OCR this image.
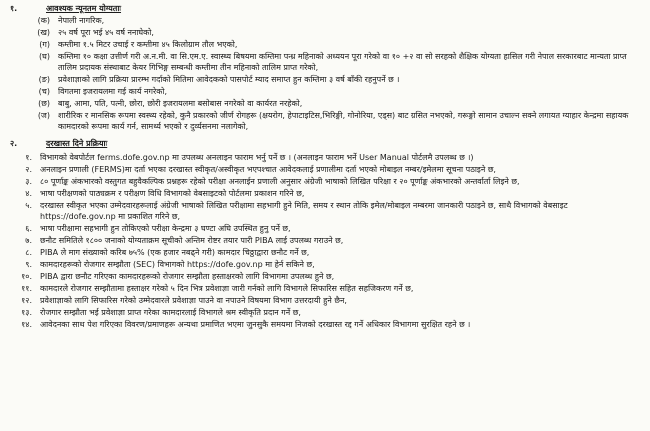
१.	आवश्यक न्यूनतम योग्यताः
(क)	नेपाली नागरिक,
(ख)	२५ वर्ष पूरा भई ४५ वर्ष ननाघेको,
(ग)	कम्तीमा १.५ मिटर उचाई र कम्तीमा ४५ किलोग्राम तौल भएको,
(घ)	कम्तिमा १० कक्षा उत्तीर्ण गरी अ.न.मी. वा सि.एम.ए. स्वास्थ्य बिषयमा कम्तिमा पन्ध्र महिनाको अध्ययन पूरा गरेको वा १० +२ वा सो सरहको शैक्षिक योग्यता हासिल गरी नेपाल सरकारबाट मान्यता प्राप्त तालिम प्रदायक संस्थाबाट केयर गिभिङ्ग सम्बन्धी कम्तीमा तीन महिनाको तालिम प्राप्त गरेको,
(ङ)	प्रवेशाज्ञाको लागि प्रक्रिया प्रारम्भ गर्दाको मितिमा आवेदकको पासपोर्ट म्याद समाप्त हुन कम्तिमा ३ वर्ष बाँकी रहनुपर्ने छ ।
(च)	विगतमा इजरायलमा गई कार्य नगरेको,
(छ)	बाबु, आमा, पति, पत्नी, छोरा, छोरी इजरायलमा बसोबास नगरेको वा कार्यरत नरहेको,
(ज)	शारीरिक र मानसिक रूपमा स्वस्थ्य रहेको, कुनै प्रकारको जीर्ण रोगहरू (क्षयरोग, हेपाटाइटिस,भिरिङ्गी, गोनोरिया, एड्स) बाट ग्रसित नभएको, गरूङ्गो सामान उचाल्न सक्ने लगायत ग्याहार केन्द्रमा सहायक कामदारको रूपमा कार्य गर्न, सामर्थ्य भएको र दुर्व्यसनमा नलागेको,
२.	दरखास्त दिने प्रक्रियाः
१.	विभागको वेबपोर्टल ferms.dofe.gov.np मा उपलब्ध अनलाइन फाराम भर्नु पर्ने छ । (अनलाइन फाराम भर्ने User Manual पोर्टलमै उपलब्ध छ ।)
२.	अनलाइन प्रणाली (FERMS)मा दर्ता भएका दरखास्त स्वीकृत/अस्वीकृत भएपश्चात आवेदकलाई प्रणालीमा दर्ता भएको मोबाइल नम्बर/इमेलमा सूचना पठाइने छ,
३.	८० पूर्णाङ्क अंकभारको वस्तुगत बहुवैकल्पिक प्रश्नहरू रहेको परीक्षा अनलाईन प्रणाली अनुसार अंग्रेजी भाषाको लिखित परिक्षा र २० पूर्णाङ्क अंकभारको अन्तर्वार्ता लिइने छ,
४.	भाषा परीक्षणको पाठ्यक्रम र परीक्षण विधि विभागको वेबसाइटको पोर्टलमा प्रकाशन गरिने छ,
५.	दरखास्त स्वीकृत भएका उम्मेदवारहरूलाई अंग्रेजी भाषाको लिखित परीक्षामा सहभागी हुने मिति, समय र स्थान तोकि इमेल/मोबाइल नम्बरमा जानकारी पठाइने छ, साथै विभागको वेबसाइट https://dofe.gov.np मा प्रकाशित गरिने छ,
६.	भाषा परीक्षामा सहभागी हुन तोकिएको परीक्षा केन्द्रमा ३ घण्टा अघि उपस्थित हुनु पर्ने छ,
७.	छनौट समितिले १८०० जनाको योग्यताक्रम सूचीको अन्तिम रोष्टर तयार पारी PIBA लाई उपलब्ध गराउने छ,
८.	PIBA ले माग संख्याको करिब ७५% (एक हजार नबढ्ने गरी) कामदार चिठ्ठाद्वारा छनौट गर्ने छ,
९.	कामदारहरूको रोजगार सम्झौता (SEC) विभागको https://dofe.gov.np मा हेर्न सकिने छ,
१०.	PIBA द्वारा छनौट गरिएका कामदारहरूको रोजगार सम्झौता हस्ताक्षरको लागि विभागमा उपलब्ध हुने छ,
११.	कामदारले रोजगार सम्झौतामा हस्ताक्षर गरेको ५ दिन भित्र प्रवेशाज्ञा जारी गर्नको लागि विभागले सिफारिस सहित सहजिकरण गर्ने छ,
१२.	प्रवेशाज्ञाको लागि सिफारिस गरेको उम्मेदवारले प्रवेशाज्ञा पाउने वा नपाउने विषयमा विभाग उत्तरदायी हुने छैन,
१३.	रोजगार सम्झौता भई प्रवेशाज्ञा प्राप्त गरेका कामदारलाई विभागले श्रम स्वीकृति प्रदान गर्ने छ,
१४.	आवेदनका साथ पेश गरिएका विवरण/प्रमाणहरू अन्यथा प्रमाणित भएमा जुनसुकै समयमा निजको दरखास्त रद्द गर्ने अधिकार विभागमा सुरक्षित रहने छ ।
